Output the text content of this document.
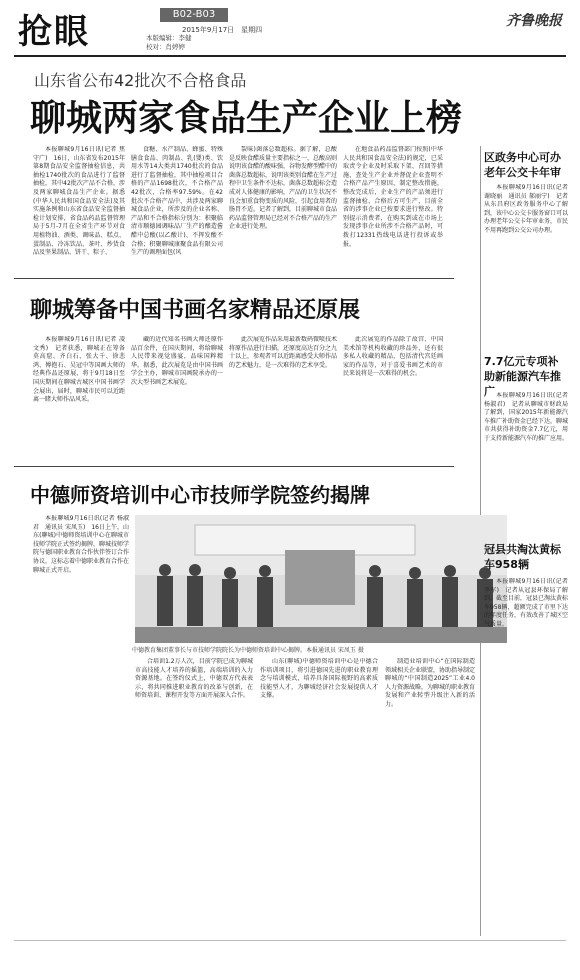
抢眼	B02-B03
2015年9月17日　星期四
本版编辑：李健
校对：肖婷婷
齐鲁晚报
山东省公布42批次不合格食品
聊城两家食品生产企业上榜

本报聊城9月16日讯(记者 焦守广)　16日，山东省发布2015年第8期食品安全监督抽检信息，共抽检1740批次的食品进行了监督抽检，其中42批次产品不合格，涉及两家聊城食品生产企业。据悉(中华人民共和国食品安全法)及其实施条例和山东省食品安全监督抽检计划安排，省食品药品监督管理局于5月-7月在全省生产环节对食用植物油、酒类、调味品、糕点、蛋制品、冷冻饮品、茶叶、炒货食品及坚果制品、饼干、粽子、

食糖、水产制品、蜂蜜、特殊膳食食品、肉制品、乳(婴)类、饮用水等14大类共1740批次的食品进行了监督抽检，其中抽检项目合格的产品1698批次，不合格产品42批次，合格率97.59%。在42批次不合格产品中，共涉及两家聊城食品企业，所涉及的企业名称、产品和不合格指标分别为：积聚临清市顺德园调味品厂生产的酿造酱醋中总酸(以乙酸计)、不挥发酸不合格；积聚聊城康聚食品有限公司生产的调理面包(风

裂味)菌落总数超标。据了解，总酸是反映食醋质量主要指标之一，总酸高则说明该食醋的酸味强，谷物发酵型醋中的菌落总数超标，说明该类别食醋在生产过程中卫生条件不达标，菌落总数超标会造成对人体健康的影响，产品的卫生状况不良会加重食物变质的风险，引起食用者的肠胃不适。记者了解到，目前聊城市食品药品监督管理局已经对不合格产品的生产企业进行处理。

在地食品药品监督部门按照(中华人民共和国食品安全法)的规定，已采取责令企业及时采取下架、召回等措施，查处生产企业并督促企业查明不合格产品产生原因，制定整改措施，整改完成后，企业生产的产品须进行监督抽检，合格后方可生产，目前全省的涉事企业已按要求进行整改。特别提示消费者，在购买到或在市场上发现涉事企业所涉不合格产品时，可拨打12331热线电话进行投诉或举报。

区政务中心可办老年公交卡年审

本报聊城9月16日讯(记者 谢晓丽　通讯员 郝丽宁)　记者从东昌府区政务服务中心了解到，该中心公交卡服务窗口可以办理老年公交卡年审业务，市民不用再跑到公交公司办理。

聊城筹备中国书画名家精品还原展

本报聊城9月16日讯(记者 凌文秀)　记者获悉，聊城正在筹备莫高窟、齐白石、张大千、徐悲鸿、傅抱石、吴冠中等国画大师的经典作品还原展，将于9月18日至国庆期间在聊城古城区中国书画学会展出，届时，聊城市民可以近距离一睹大师作品风采。

藏的近代知名书画大师还原作品百余件，在国庆期间，将给聊城人民带来视觉盛宴，品味国粹精华。据悉，此次展览是由中国书画学会主办，聊城市国画院承办的一次大型书画艺术展览。

此次展览作品采用最新数码微喷技术将原作品进行扫描，还原度高达百分之九十以上，参观者可以近距离感受大师作品的艺术魅力，是一次难得的艺术享受。

此次展览的作品除了故宫、中国美术馆等机构收藏的珍品外，还有很多私人收藏的精品，包括清代宫廷画家的作品等，对于喜爱书画艺术的市民来说将是一次难得的机会。

7.7亿元专项补助新能源汽车推广 本报聊城9月16日讯(记者 杨淑君)　记者从聊城市财政局了解到，国家2015年新能源汽车推广补助资金已经下达，聊城市共获得补助资金7.7亿元，用于支持新能源汽车的推广应用。

中德师资培训中心市技师学院签约揭牌

本报聊城9月16日讯(记者 杨淑君　通讯员 宋凤玉)　16日上午，山东(聊城)中德师资培训中心在聊城市技师学院正式签约揭牌，聊城技师学院与德国职业教育合作伙伴签订合作协议，这标志着中德职业教育合作在聊城正式开启。

中德教育集团董事长与市技师学院院长为中德师资培训中心揭牌。本报通讯员 宋凤玉 摄

合培训1.2万人次，目前学院已成为聊城市高技能人才培养的摇篮，高端培训的入力资源基地。在签约仪式上，中德双方代表表示，将共同推进职业教育的改革与创新，在师资培训、课程开发等方面开展深入合作。

山东(聊城)中德师资培训中心是中德合作培训项目，将引进德国先进的职业教育理念与培训模式，培养具备国际视野的高素质技能型人才，为聊城经济社会发展提供人才支撑。

制造业培训中心“在国际制造领域相关企业联盟，协助指导制定聊城的“中国制造2025”工业4.0人力资源战略，为聊城的职业教育发展和产业转型升级注入新的活力。

冠县共淘汰黄标车958辆

本报聊城9月16日讯(记者 李军)　记者从冠县环保局了解到，截至目前，冠县已淘汰黄标车958辆，超额完成了市里下达的年度任务，有效改善了城区空气质量。
